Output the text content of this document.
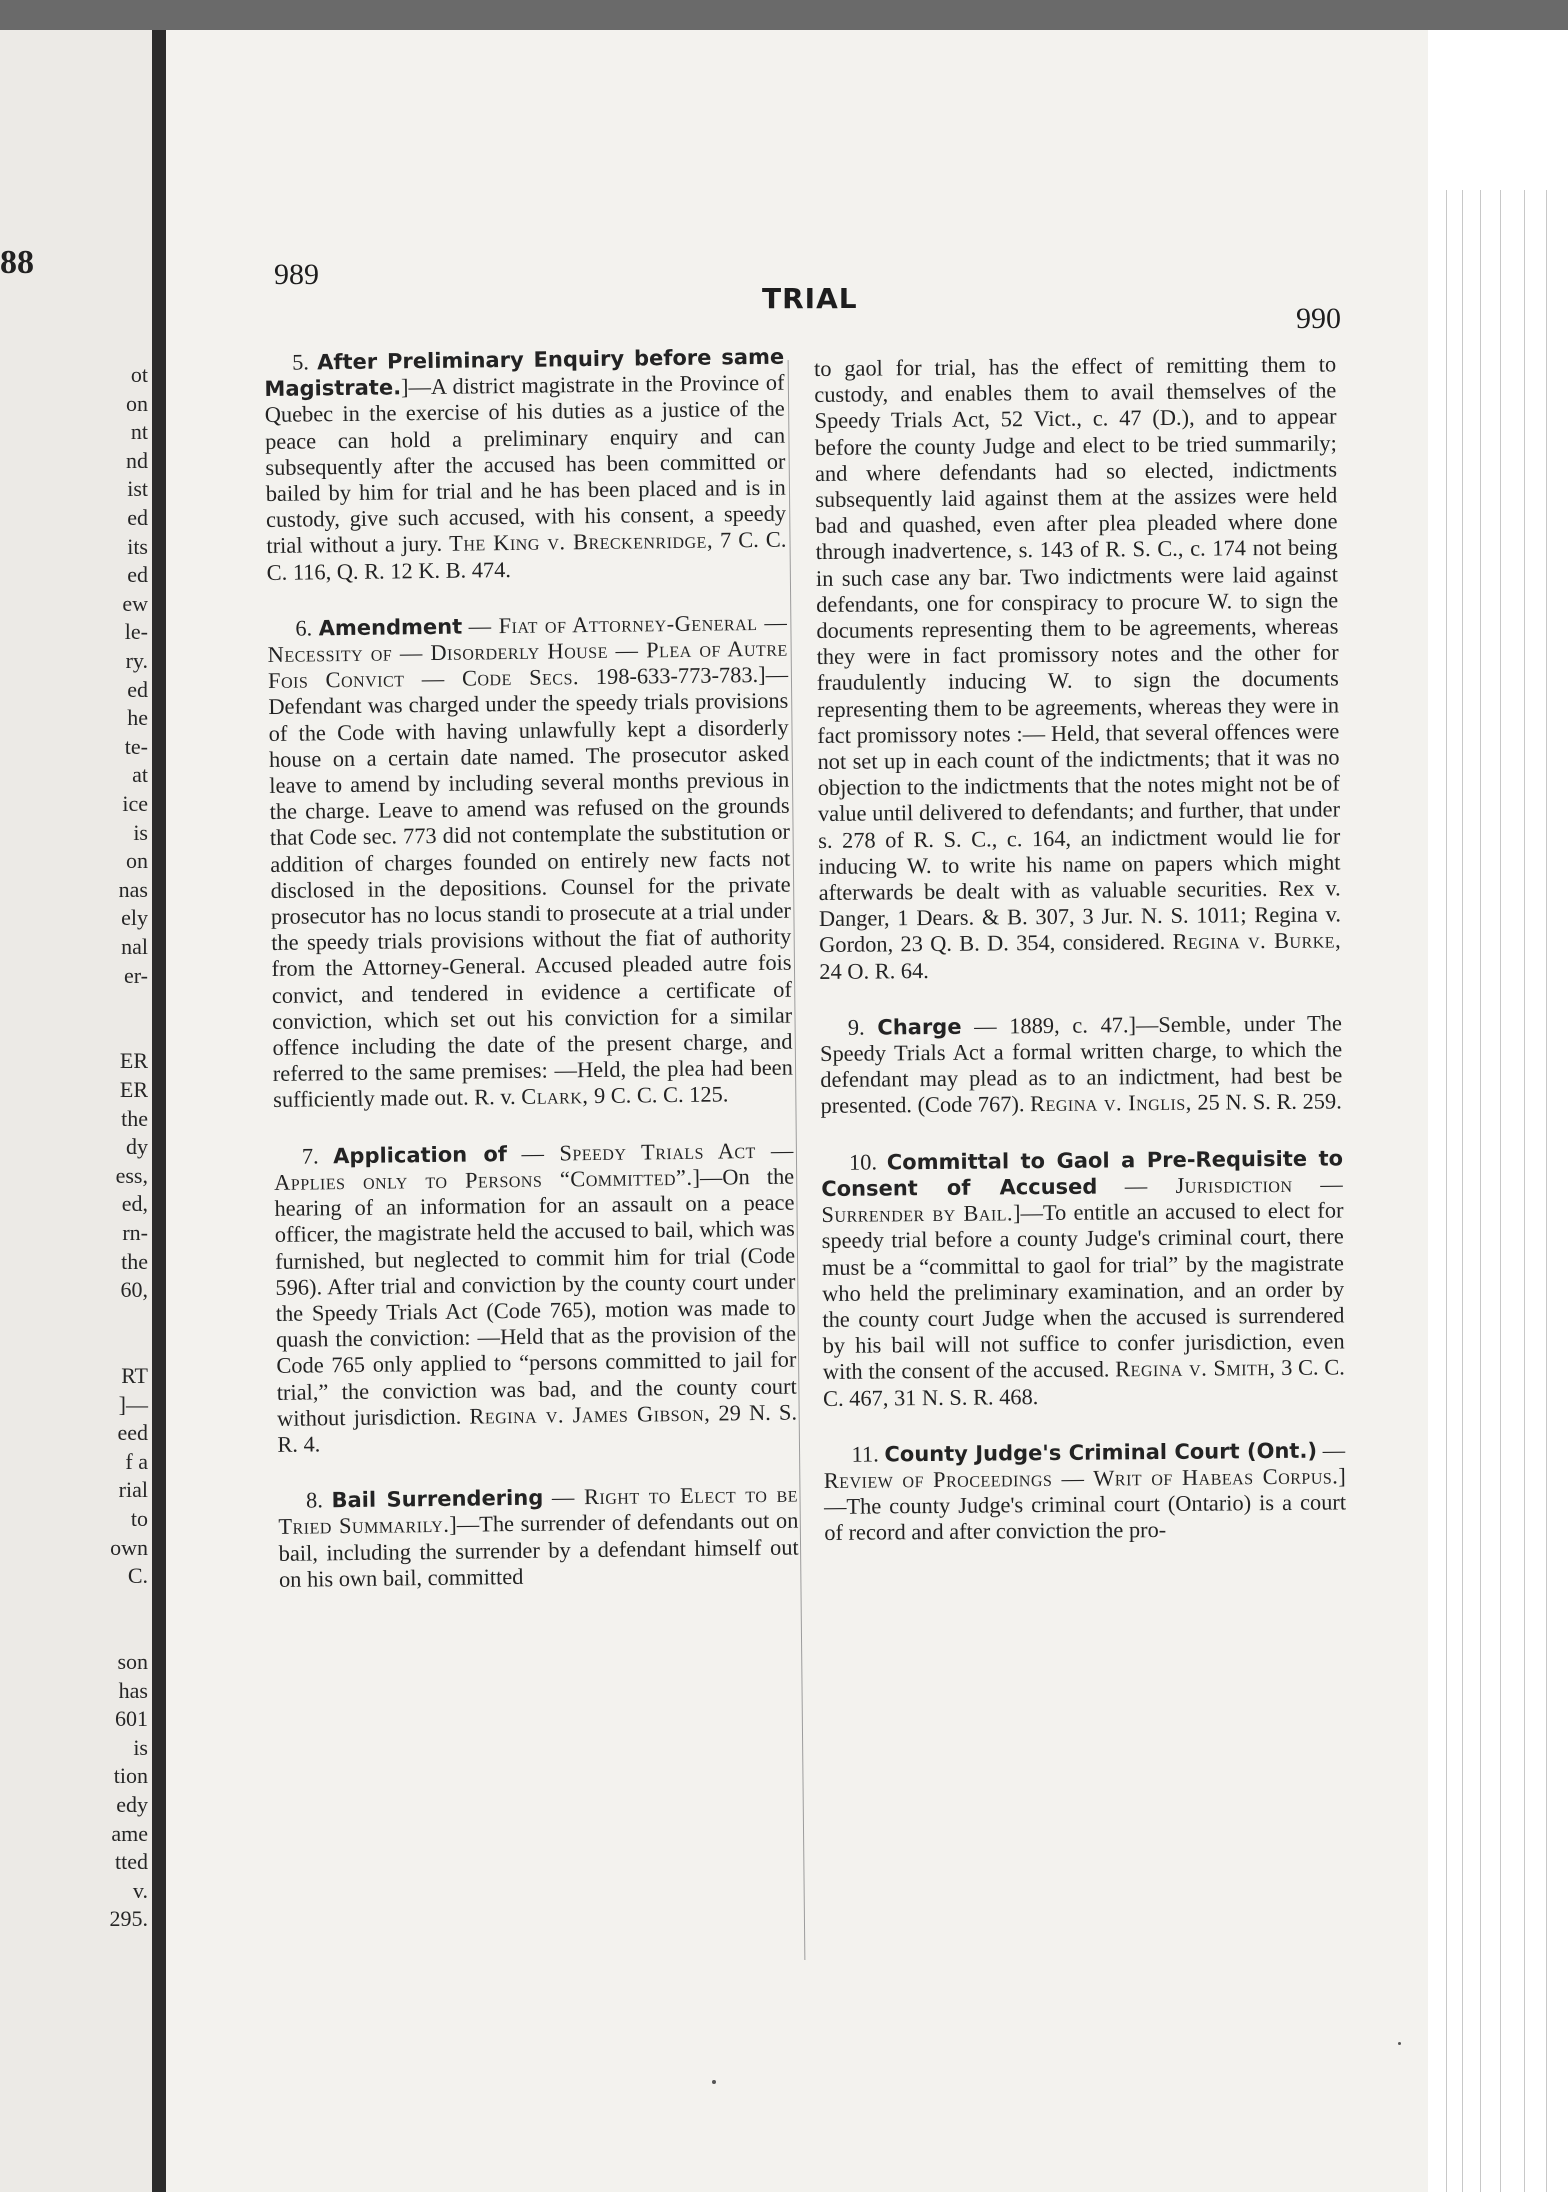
88
ot
on
nt
nd
ist
ed
its
ed
ew
le-
ry.
ed
he
te-
at
ice
is
on
nas
ely
nal
er-
ER
ER
the
dy
ess,
ed,
rn-
the
60,
RT
]—
eed
f a
rial
to
own
C.
son
has
601
is
tion
edy
ame
tted
v.
295.
989
TRIAL
990

5. After Preliminary Enquiry before same Magistrate.]—A district magistrate in the Province of Quebec in the exercise of his duties as a justice of the peace can hold a preliminary enquiry and can subsequently after the accused has been committed or bailed by him for trial and he has been placed and is in custody, give such accused, with his consent, a speedy trial without a jury. The King v. Breckenridge, 7 C. C. C. 116, Q. R. 12 K. B. 474.

6. Amendment — Fiat of Attorney-General — Necessity of — Disorderly House — Plea of Autre Fois Convict — Code Secs. 198-633-773-783.]—Defendant was charged under the speedy trials provisions of the Code with having unlawfully kept a disorderly house on a certain date named. The prosecutor asked leave to amend by including several months previous in the charge. Leave to amend was refused on the grounds that Code sec. 773 did not contemplate the substitution or addition of charges founded on entirely new facts not disclosed in the depositions. Counsel for the private prosecutor has no locus standi to prosecute at a trial under the speedy trials provisions without the fiat of authority from the Attorney-General. Accused pleaded autre fois convict, and tendered in evidence a certificate of conviction, which set out his conviction for a similar offence including the date of the present charge, and referred to the same premises: —Held, the plea had been sufficiently made out. R. v. Clark, 9 C. C. C. 125.

7. Application of — Speedy Trials Act — Applies only to Persons “Committed”.]—On the hearing of an information for an assault on a peace officer, the magistrate held the accused to bail, which was furnished, but neglected to commit him for trial (Code 596). After trial and conviction by the county court under the Speedy Trials Act (Code 765), motion was made to quash the conviction: —Held that as the provision of the Code 765 only applied to “persons committed to jail for trial,” the conviction was bad, and the county court without jurisdiction. Regina v. James Gibson, 29 N. S. R. 4.

8. Bail Surrendering — Right to Elect to be Tried Summarily.]—The surrender of defendants out on bail, including the surrender by a defendant himself out on his own bail, committed

to gaol for trial, has the effect of remitting them to custody, and enables them to avail themselves of the Speedy Trials Act, 52 Vict., c. 47 (D.), and to appear before the county Judge and elect to be tried summarily; and where defendants had so elected, indictments subsequently laid against them at the assizes were held bad and quashed, even after plea pleaded where done through inadvertence, s. 143 of R. S. C., c. 174 not being in such case any bar. Two indictments were laid against defendants, one for conspiracy to procure W. to sign the documents representing them to be agreements, whereas they were in fact promissory notes and the other for fraudulently inducing W. to sign the documents representing them to be agreements, whereas they were in fact promissory notes :— Held, that several offences were not set up in each count of the indictments; that it was no objection to the indictments that the notes might not be of value until delivered to defendants; and further, that under s. 278 of R. S. C., c. 164, an indictment would lie for inducing W. to write his name on papers which might afterwards be dealt with as valuable securities. Rex v. Danger, 1 Dears. & B. 307, 3 Jur. N. S. 1011; Regina v. Gordon, 23 Q. B. D. 354, considered. Regina v. Burke, 24 O. R. 64.

9. Charge — 1889, c. 47.]—Semble, under The Speedy Trials Act a formal written charge, to which the defendant may plead as to an indictment, had best be presented. (Code 767). Regina v. Inglis, 25 N. S. R. 259.

10. Committal to Gaol a Pre-Requisite to Consent of Accused — Jurisdiction — Surrender by Bail.]—To entitle an accused to elect for speedy trial before a county Judge's criminal court, there must be a “committal to gaol for trial” by the magistrate who held the preliminary examination, and an order by the county court Judge when the accused is surrendered by his bail will not suffice to confer jurisdiction, even with the consent of the accused. Regina v. Smith, 3 C. C. C. 467, 31 N. S. R. 468.

11. County Judge's Criminal Court (Ont.) — Review of Proceedings — Writ of Habeas Corpus.]—The county Judge's criminal court (Ontario) is a court of record and after conviction the pro-
